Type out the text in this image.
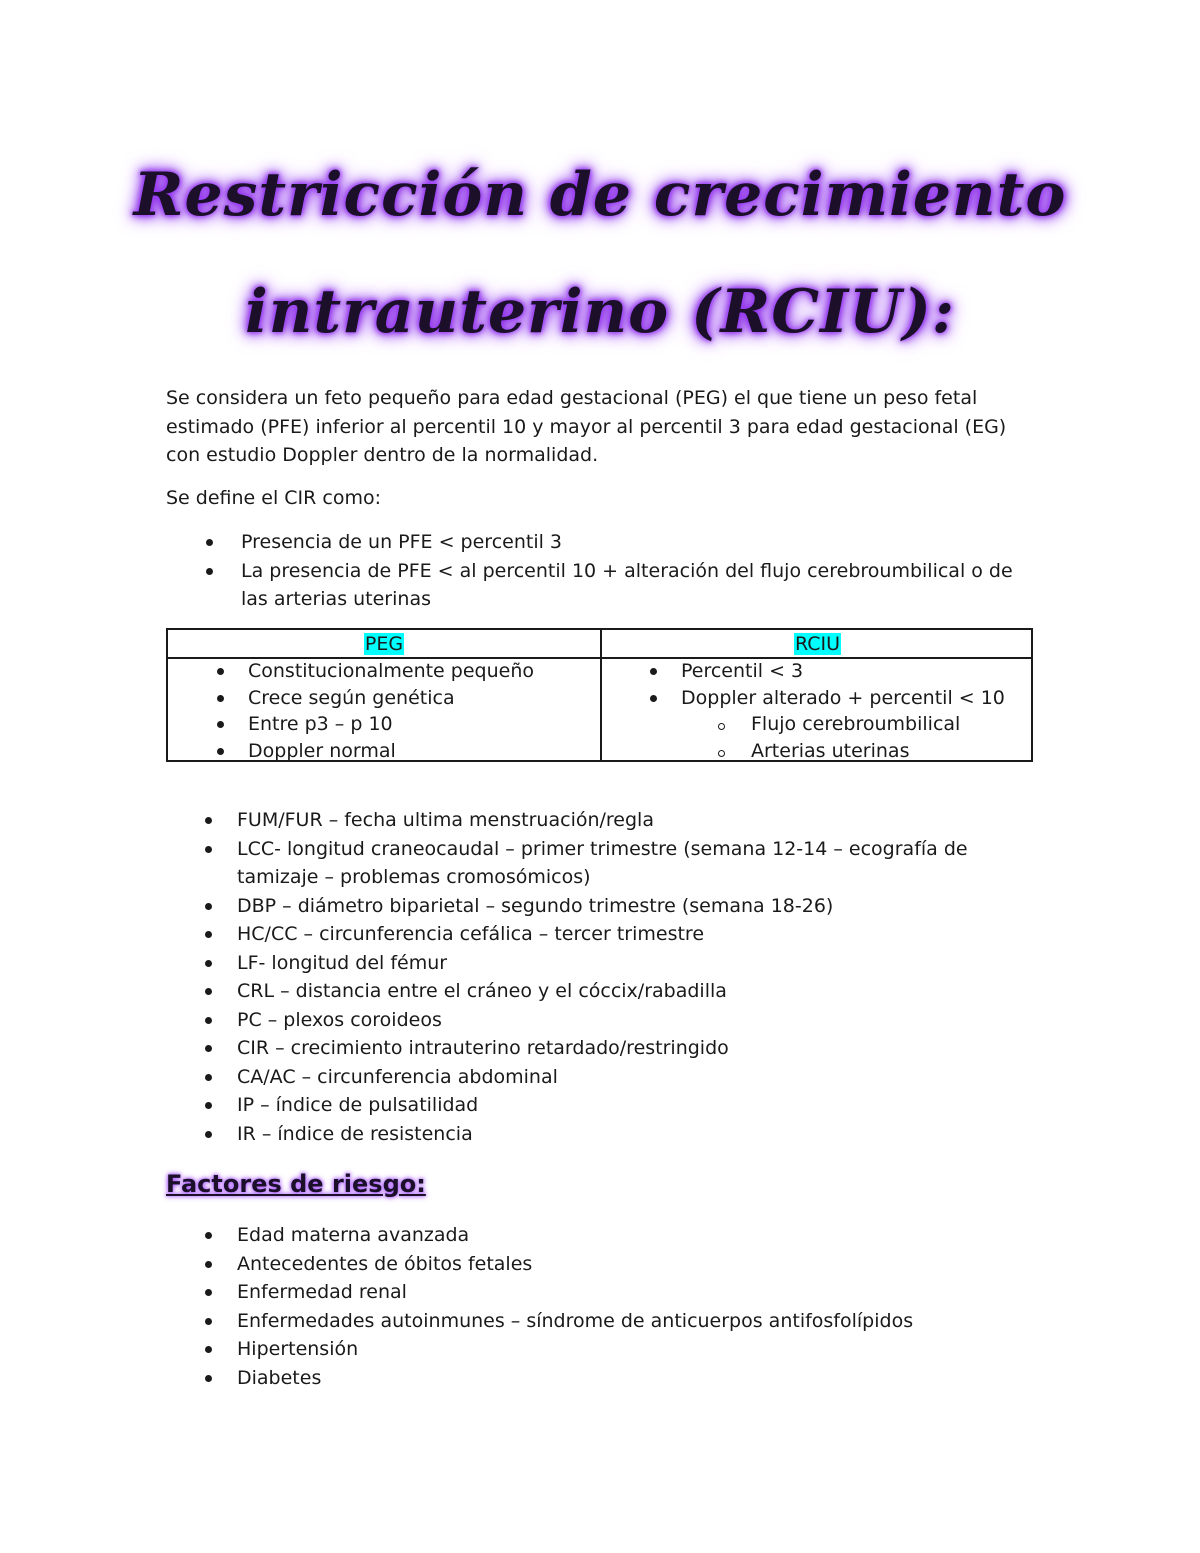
Restricción de crecimiento
intrauterino (RCIU):

Se considera un feto pequeño para edad gestacional (PEG) el que tiene un peso fetal estimado (PFE) inferior al percentil 10 y mayor al percentil 3 para edad gestacional (EG) con estudio Doppler dentro de la normalidad.

Se define el CIR como:

Presencia de un PFE < percentil 3
La presencia de PFE < al percentil 10 + alteración del flujo cerebroumbilical o de las arterias uterinas
PEG	RCIU
Constitucionalmente pequeño
Crece según genética
Entre p3 – p 10
Doppler normal
Percentil < 3
Doppler alterado + percentil < 10
Flujo cerebroumbilical
Arterias uterinas
FUM/FUR – fecha ultima menstruación/regla
LCC- longitud craneocaudal – primer trimestre (semana 12-14 – ecografía de tamizaje – problemas cromosómicos)
DBP – diámetro biparietal – segundo trimestre (semana 18-26)
HC/CC – circunferencia cefálica – tercer trimestre
LF- longitud del fémur
CRL – distancia entre el cráneo y el cóccix/rabadilla
PC – plexos coroideos
CIR – crecimiento intrauterino retardado/restringido
CA/AC – circunferencia abdominal
IP – índice de pulsatilidad
IR – índice de resistencia
Factores de riesgo:
Edad materna avanzada
Antecedentes de óbitos fetales
Enfermedad renal
Enfermedades autoinmunes – síndrome de anticuerpos antifosfolípidos
Hipertensión
Diabetes
